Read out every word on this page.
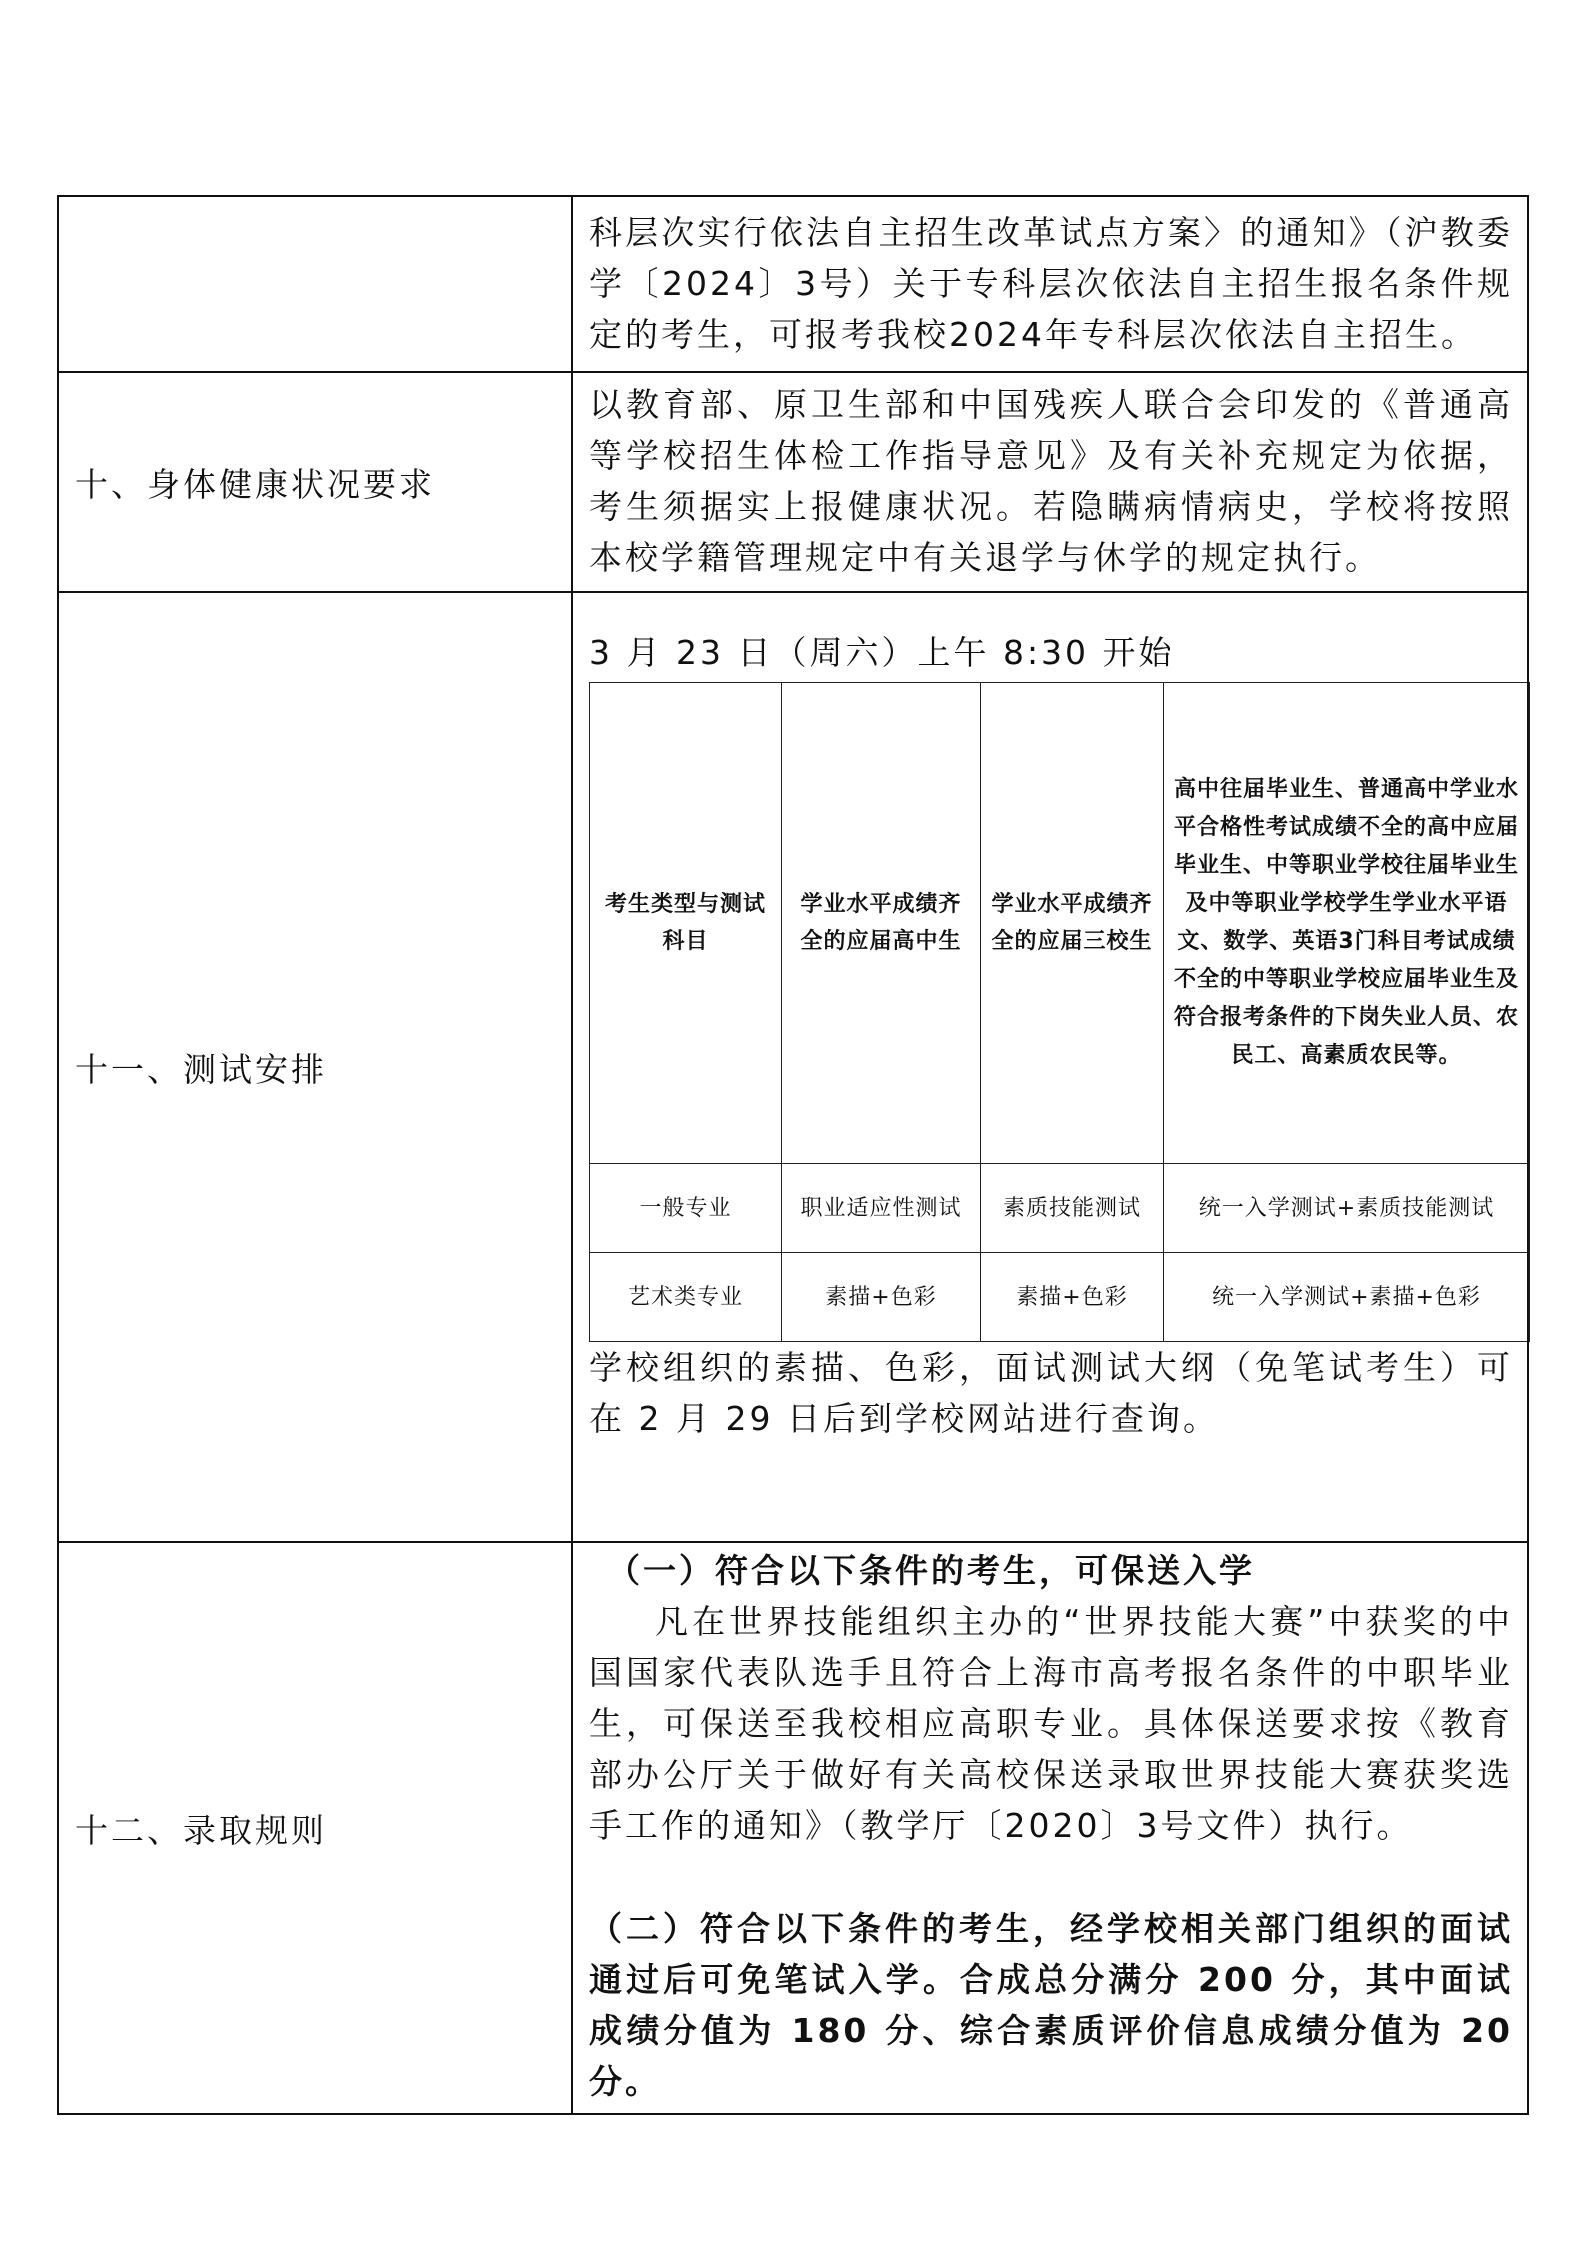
科层次实行依法自主招生改革试点方案〉的通知》（沪教委学〔2024〕3号）关于专科层次依法自主招生报名条件规定的考生，可报考我校2024年专科层次依法自主招生。

十、身体健康状况要求	

以教育部、原卫生部和中国残疾人联合会印发的《普通高等学校招生体检工作指导意见》及有关补充规定为依据，考生须据实上报健康状况。若隐瞒病情病史，学校将按照本校学籍管理规定中有关退学与休学的规定执行。

十一、测试安排	

3 月 23 日（周六）上午 8:30 开始

考生类型与测试科目	学业水平成绩齐全的应届高中生	学业水平成绩齐全的应届三校生	高中往届毕业生、普通高中学业水平合格性考试成绩不全的高中应届毕业生、中等职业学校往届毕业生及中等职业学校学生学业水平语文、数学、英语3门科目考试成绩不全的中等职业学校应届毕业生及符合报考条件的下岗失业人员、农民工、高素质农民等。
一般专业	职业适应性测试	素质技能测试	统一入学测试+素质技能测试
艺术类专业	素描+色彩	素描+色彩	统一入学测试+素描+色彩

学校组织的素描、色彩，面试测试大纲（免笔试考生）可在 2 月 29 日后到学校网站进行查询。

十二、录取规则	

（一）符合以下条件的考生，可保送入学

凡在世界技能组织主办的“世界技能大赛”中获奖的中国国家代表队选手且符合上海市高考报名条件的中职毕业生，可保送至我校相应高职专业。具体保送要求按《教育部办公厅关于做好有关高校保送录取世界技能大赛获奖选手工作的通知》（教学厅〔2020〕3号文件）执行。

（二）符合以下条件的考生，经学校相关部门组织的面试通过后可免笔试入学。合成总分满分 200 分，其中面试成绩分值为 180 分、综合素质评价信息成绩分值为 20 分。
